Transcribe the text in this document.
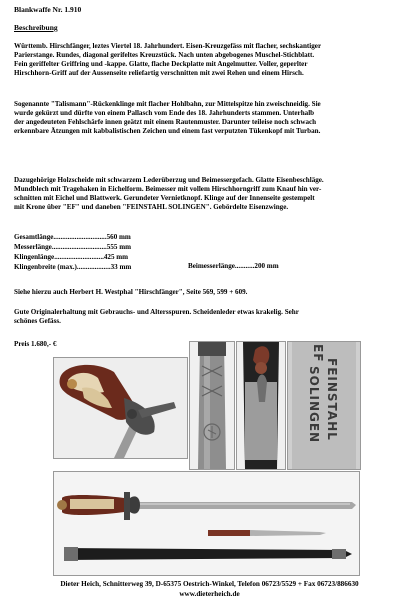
Blankwaffe Nr. 1.910
Beschreibung

Württemb. Hirschfänger, leztes Viertel 18. Jahrhundert. Eisen-Kreuzgefäss mit flacher, sechskantiger
Parierstange. Rundes, diagonal gerifeltes Kreuzstück. Nach unten abgebogenes Muschel-Stichblatt.
Fein geriffelter Griffring und -kappe. Glatte, flache Deckplatte mit Angelmutter. Voller, geperlter
Hirschhorn-Griff auf der Aussenseite reliefartig verschnitten mit zwei Rehen und einem Hirsch.

Sogenannte "Talismann"-Rückenklinge mit flacher Hohlbahn, zur Mittelspitze hin zweischneidig. Sie
wurde gekürzt und dürfte von einem Pallasch vom Ende des 18. Jahrhunderts stammen. Unterhalb
der angedeuteten Fehlschärfe innen geätzt mit einem Rautenmuster. Darunter teileise noch schwach
erkennbare Ätzungen mit kabbalistischen Zeichen und einem fast verputzten Tükenkopf mit Turban.

Dazugehörige Holzscheide mit schwarzem Lederüberzug und Beimessergefach. Glatte Eisenbeschläge.
Mundblech mit Tragehaken in Eichelform. Beimesser mit vollem Hirschhorngriff zum Knauf hin ver-
schnitten mit Eichel und Blattwerk. Gerundeter Vernietknopf. Klinge auf der Innenseite gestempelt
mit Krone über "EF" und daneben "FEINSTAHL SOLINGEN". Gebördelte Eisenzwinge.

Gesamtlänge..............................560 mm
Messerlänge...............................555 mm
Klingenlänge............................425 mm
Klingenbreite (max.)...................33 mm	Beimesserlänge...........200 mm
Siehe hierzu auch Herbert H. Westphal "Hirschfänger", Seite 569, 599 + 609.

Gute Originalerhaltung mit Gebrauchs- und Altersspuren. Scheidenleder etwas krakelig. Sehr
schönes Gefäss.

Preis 1.680,- €
FEINSTAHL
SOLINGEN
EF
Dieter Heich, Schnitterweg 39, D-65375 Oestrich-Winkel, Telefon 06723/5529 + Fax 06723/886630
www.dieterheich.de
